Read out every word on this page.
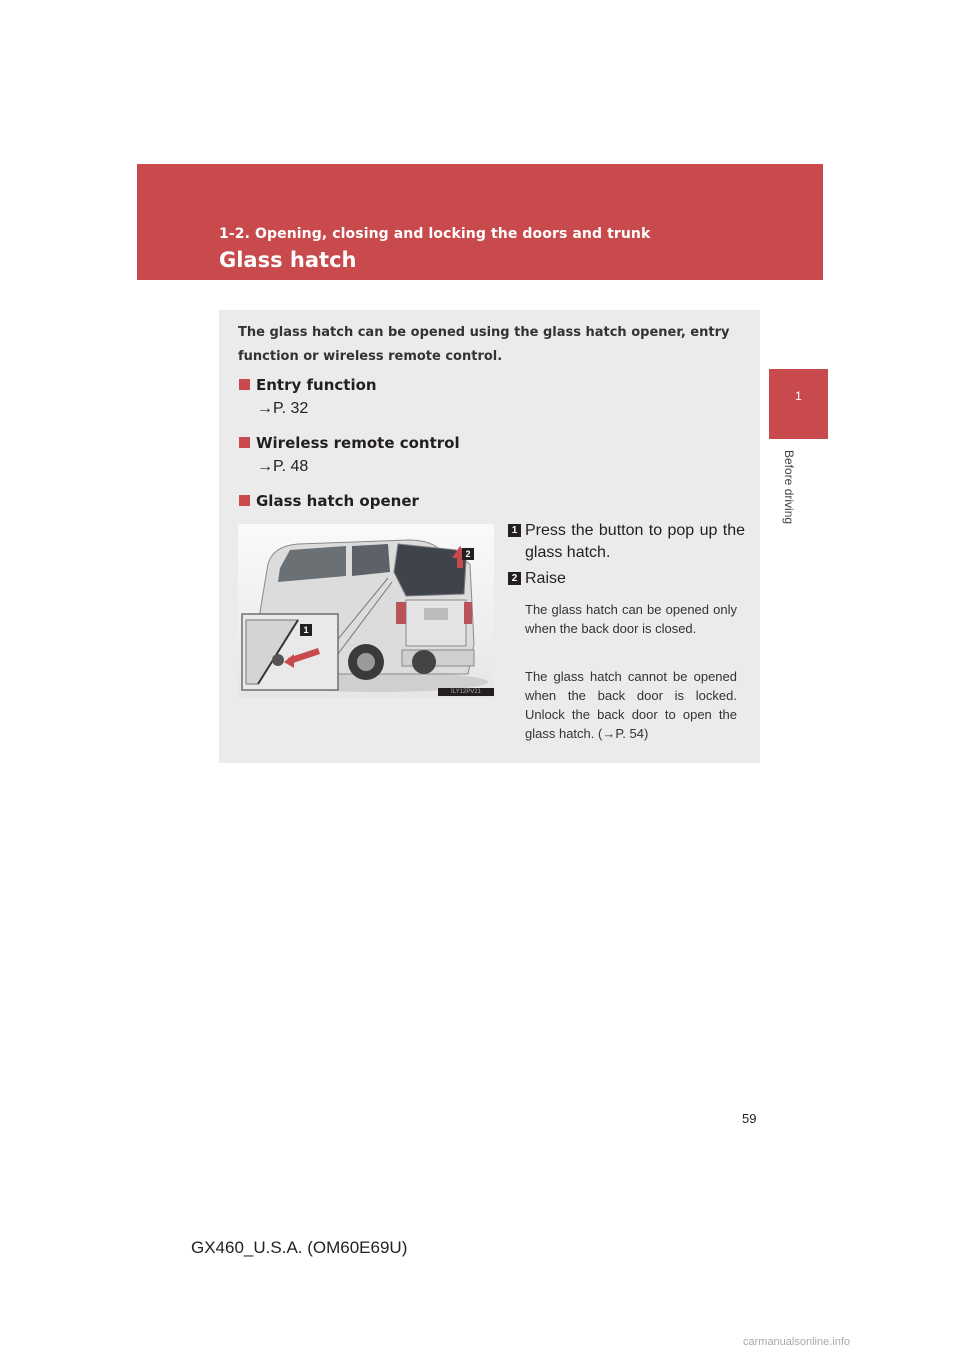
1-2. Opening, closing and locking the doors and trunk
Glass hatch
1
Before driving
The glass hatch can be opened using the glass hatch opener, entry function or wireless remote control.
Entry function
→P. 32
Wireless remote control
→P. 48
Glass hatch opener
2
1
ILY12PV21
1 Press the button to pop up the glass hatch.
2 Raise
The glass hatch can be opened only when the back door is closed.
The glass hatch cannot be opened when the back door is locked. Unlock the back door to open the glass hatch. (→P. 54)
59
GX460_U.S.A. (OM60E69U)
carmanualsonline.info
